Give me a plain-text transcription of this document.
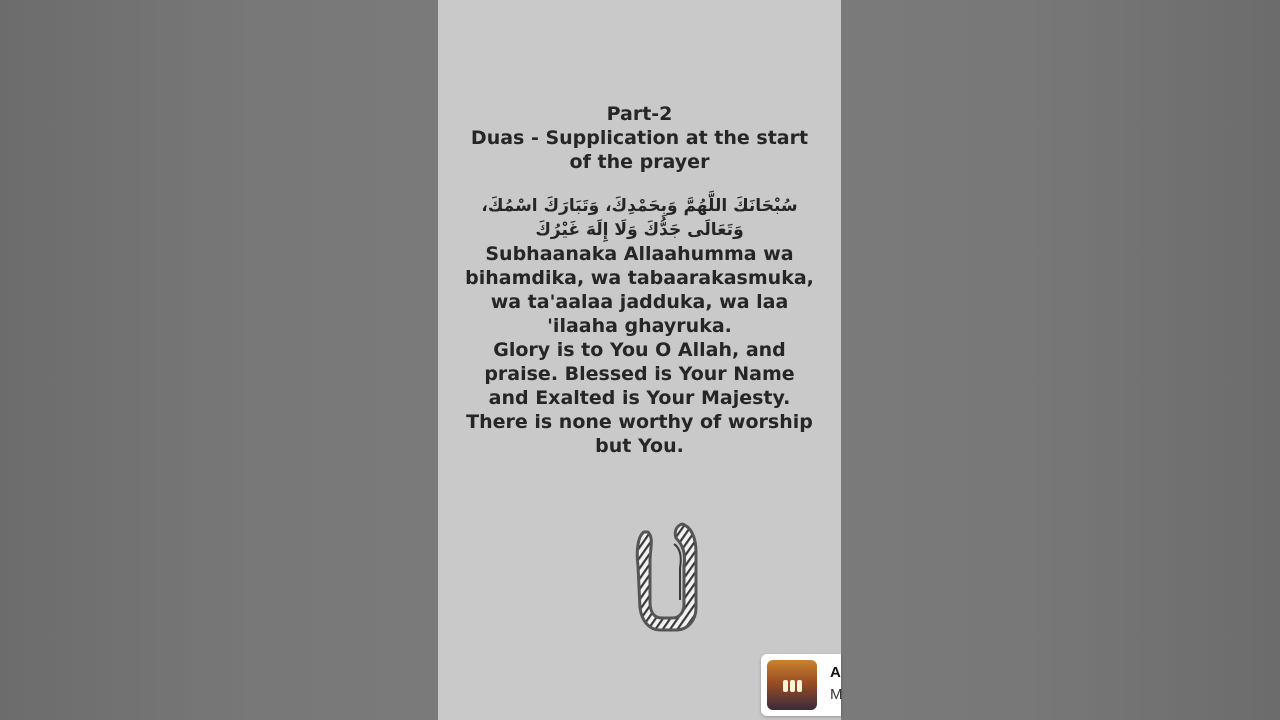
Part-2
Duas - Supplication at the start of the prayer
سُبْحَانَكَ اللَّهُمَّ وَبِحَمْدِكَ، وَتَبَارَكَ اسْمُكَ، وَتَعَالَى جَدُّكَ وَلَا إِلَهَ غَيْرُكَ
Subhaanaka Allaahumma wa bihamdika, wa tabaarakasmuka, wa ta'aalaa jadduka, wa laa 'ilaaha ghayruka.
Glory is to You O Allah, and praise. Blessed is Your Name and Exalted is Your Majesty. There is none worthy of worship but You.
A
M
